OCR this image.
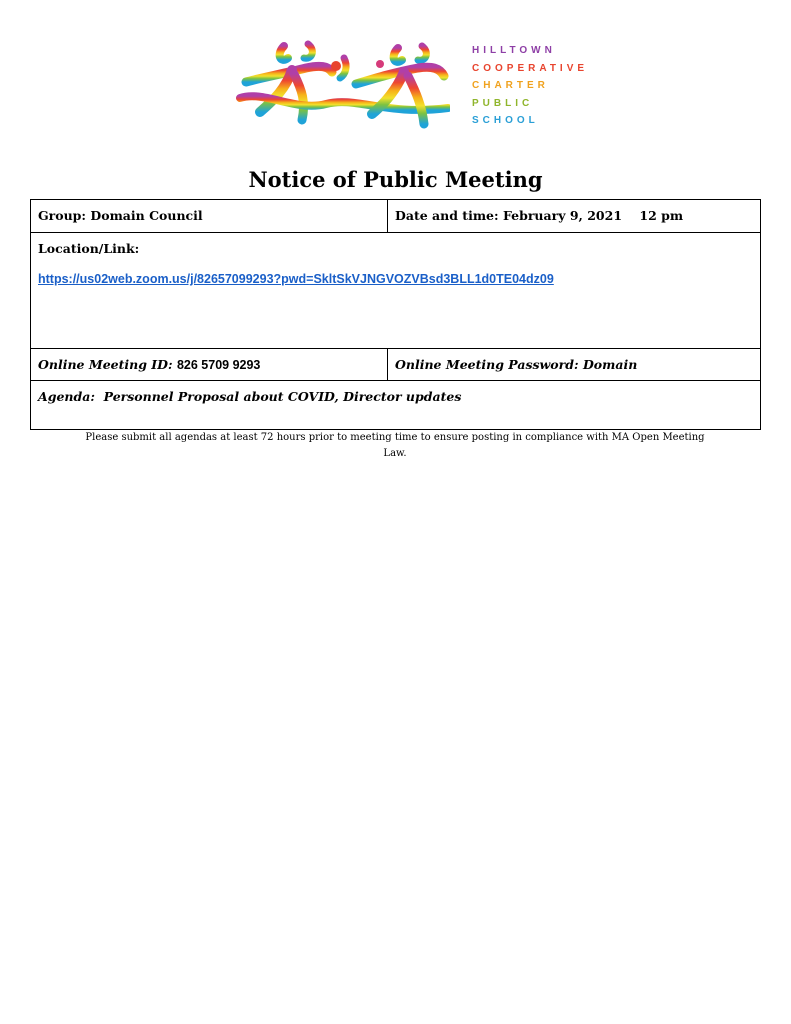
HILLTOWN
COOPERATIVE
CHARTER
PUBLIC
SCHOOL
Notice of Public Meeting
Group: Domain Council	Date and time: February 9, 2021    12 pm
Location/Link:
https://us02web.zoom.us/j/82657099293?pwd=SkltSkVJNGVOZVBsd3BLL1d0TE04dz09	

Online Meeting ID: 826 5709 9293	Online Meeting Password: Domain
Agenda:  Personnel Proposal about COVID, Director updates	
Please submit all agendas at least 72 hours prior to meeting time to ensure posting in compliance with MA Open Meeting Law.
